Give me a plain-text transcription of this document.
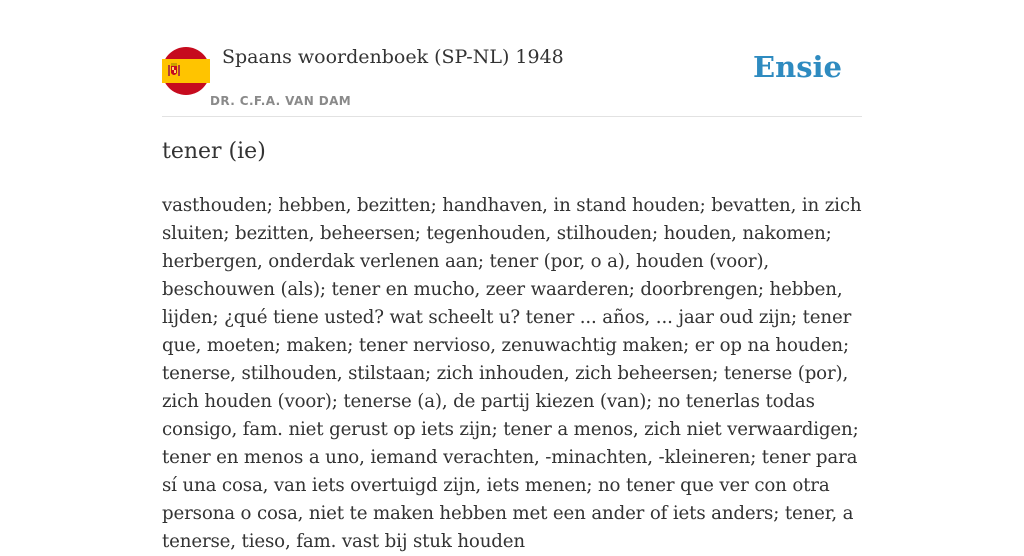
Spaans woordenboek (SP-NL) 1948
DR. C.F.A. VAN DAM
Ensie
tener (ie)

vasthouden; hebben, bezitten; handhaven, in stand houden; bevatten, in zich sluiten; bezitten, beheersen; tegenhouden, stilhouden; houden, nakomen; herbergen, onderdak verlenen aan; tener (por, o a), houden (voor), beschouwen (als); tener en mucho, zeer waarderen; doorbrengen; hebben, lijden; ¿qué tiene usted? wat scheelt u? tener ... años, ... jaar oud zijn; tener que, moeten; maken; tener nervioso, zenuwachtig maken; er op na houden; tenerse, stilhouden, stilstaan; zich inhouden, zich beheersen; tenerse (por), zich houden (voor); tenerse (a), de partij kiezen (van); no tenerlas todas consigo, fam. niet gerust op iets zijn; tener a menos, zich niet verwaardigen; tener en menos a uno, iemand verachten, -minachten, -kleineren; tener para sí una cosa, van iets overtuigd zijn, iets menen; no tener que ver con otra persona o cosa, niet te maken hebben met een ander of iets anders; tener, a tenerse, tieso, fam. vast bij stuk houden
